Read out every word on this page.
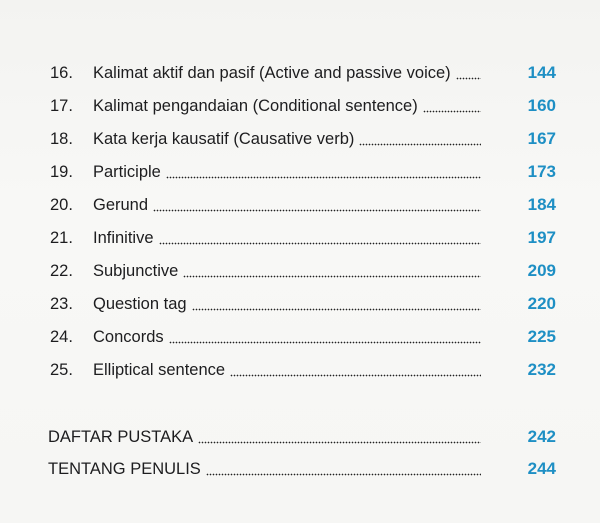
16. Kalimat aktif dan pasif (Active and passive voice)	144
17. Kalimat pengandaian (Conditional sentence)	160
18. Kata kerja kausatif (Causative verb)	167
19. Participle	173
20. Gerund	184
21. Infinitive	197
22. Subjunctive	209
23. Question tag	220
24. Concords	225
25. Elliptical sentence	232
DAFTAR PUSTAKA	242
TENTANG PENULIS	244
